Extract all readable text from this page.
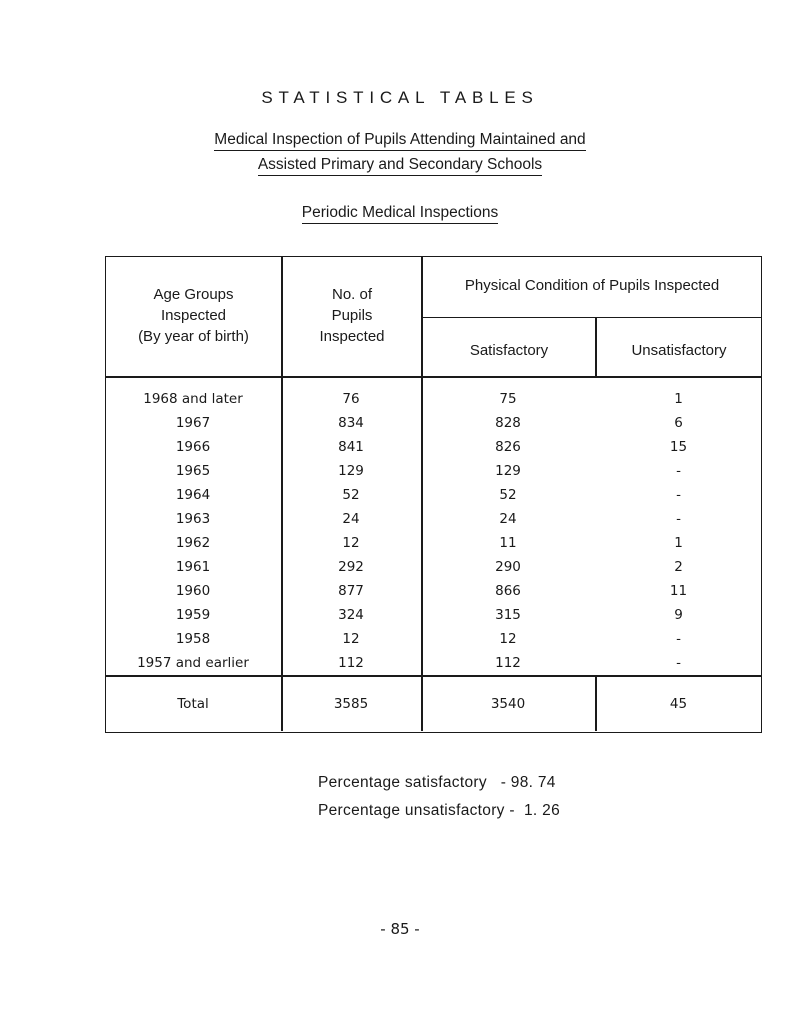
STATISTICAL TABLES
Medical Inspection of Pupils Attending Maintained and
Assisted Primary and Secondary Schools
Periodic Medical Inspections
Age Groups
Inspected
(By year of birth)
No. of
Pupils
Inspected
Physical Condition of Pupils Inspected
Satisfactory	Unsatisfactory
1968 and later	76	75	1
1967	834	828	6
1966	841	826	15
1965	129	129	-
1964	52	52	-
1963	24	24	-
1962	12	11	1
1961	292	290	2
1960	877	866	11
1959	324	315	9
1958	12	12	-
1957 and earlier	112	112	-
Total	3585	3540	45
Percentage satisfactory - 98. 74
Percentage unsatisfactory - 1. 26
- 85 -
